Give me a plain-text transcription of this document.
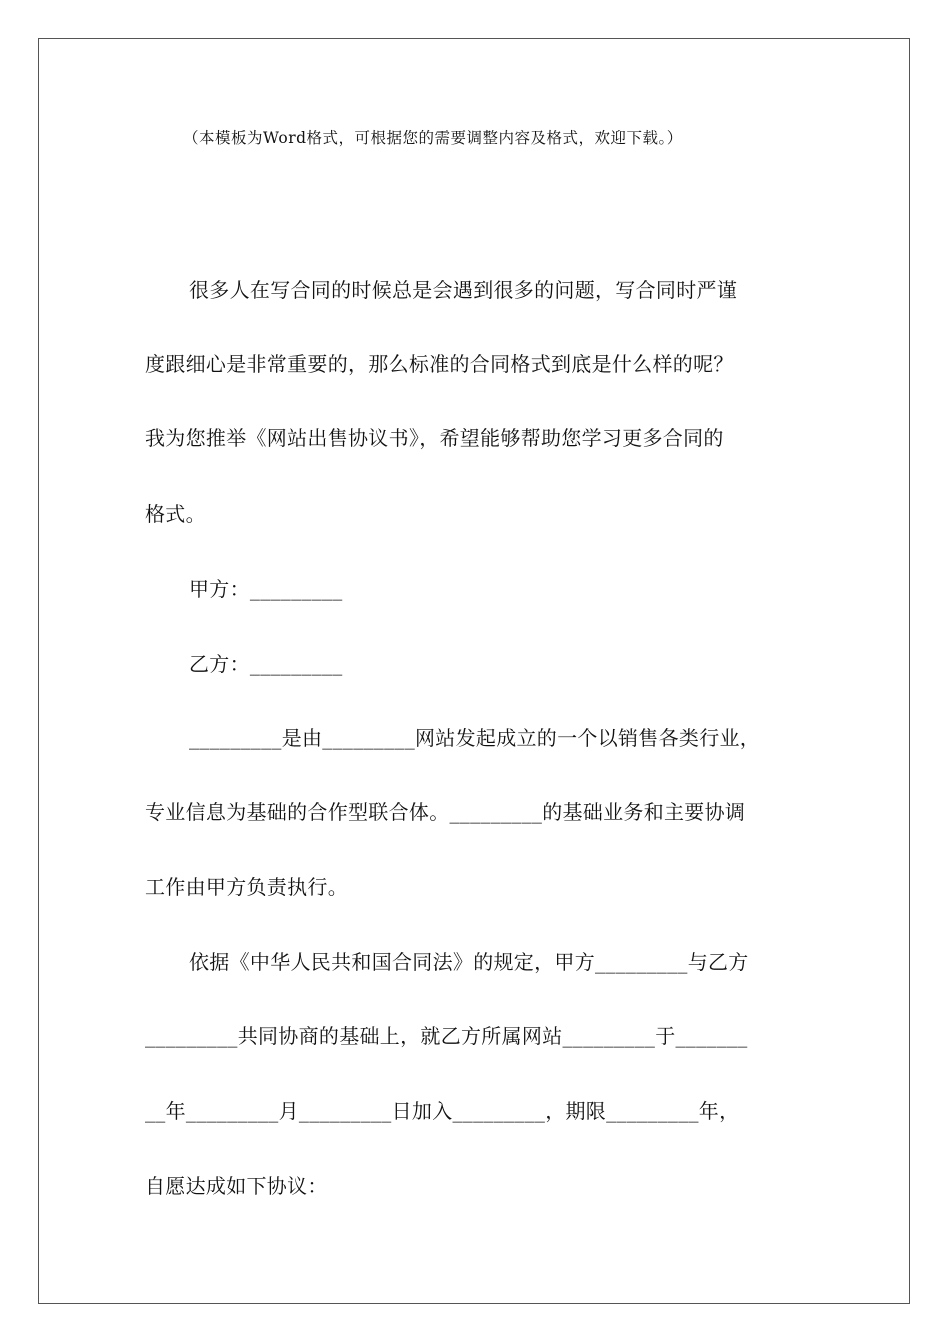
（本模板为Word格式，可根据您的需要调整内容及格式，欢迎下载。）
很多人在写合同的时候总是会遇到很多的问题，写合同时严谨
度跟细心是非常重要的，那么标准的合同格式到底是什么样的呢？
我为您推举《网站出售协议书》，希望能够帮助您学习更多合同的
格式。
甲方：_________
乙方：_________
_________是由_________网站发起成立的一个以销售各类行业，
专业信息为基础的合作型联合体。_________的基础业务和主要协调
工作由甲方负责执行。
依据《中华人民共和国合同法》的规定，甲方_________与乙方
_________共同协商的基础上，就乙方所属网站_________于_______
__年_________月_________日加入_________，期限_________年，
自愿达成如下协议：
